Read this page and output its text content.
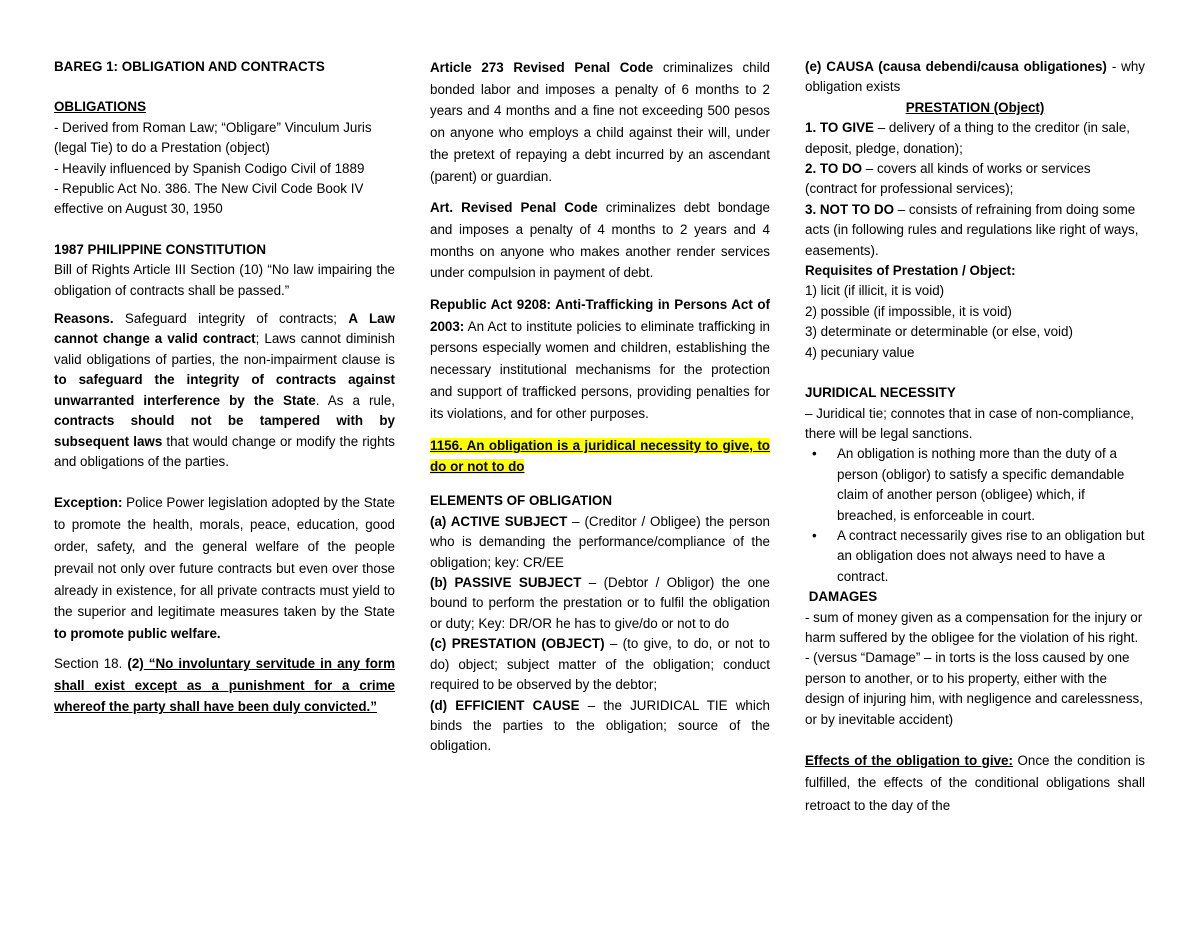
BAREG 1: OBLIGATION AND CONTRACTS

OBLIGATIONS

- Derived from Roman Law; “Obligare” Vinculum Juris (legal Tie) to do a Prestation (object)
- Heavily influenced by Spanish Codigo Civil of 1889
- Republic Act No. 386. The New Civil Code Book IV effective on August 30, 1950

1987 PHILIPPINE CONSTITUTION

Bill of Rights Article III Section (10) “No law impairing the obligation of contracts shall be passed.”

Reasons. Safeguard integrity of contracts; A Law cannot change a valid contract; Laws cannot diminish valid obligations of parties, the non-impairment clause is to safeguard the integrity of contracts against unwarranted interference by the State. As a rule, contracts should not be tampered with by subsequent laws that would change or modify the rights and obligations of the parties.

Exception: Police Power legislation adopted by the State to promote the health, morals, peace, education, good order, safety, and the general welfare of the people prevail not only over future contracts but even over those already in existence, for all private contracts must yield to the superior and legitimate measures taken by the State to promote public welfare.

Section 18. (2) “No involuntary servitude in any form shall exist except as a punishment for a crime whereof the party shall have been duly convicted.”

Article 273 Revised Penal Code criminalizes child bonded labor and imposes a penalty of 6 months to 2 years and 4 months and a fine not exceeding 500 pesos on anyone who employs a child against their will, under the pretext of repaying a debt incurred by an ascendant (parent) or guardian.

Art. Revised Penal Code criminalizes debt bondage and imposes a penalty of 4 months to 2 years and 4 months on anyone who makes another render services under compulsion in payment of debt.

Republic Act 9208: Anti-Trafficking in Persons Act of 2003: An Act to institute policies to eliminate trafficking in persons especially women and children, establishing the necessary institutional mechanisms for the protection and support of trafficked persons, providing penalties for its violations, and for other purposes.

1156. An obligation is a juridical necessity to give, to do or not to do

ELEMENTS OF OBLIGATION

(a) ACTIVE SUBJECT – (Creditor / Obligee) the person who is demanding the performance/compliance of the obligation; key: CR/EE

(b) PASSIVE SUBJECT – (Debtor / Obligor) the one bound to perform the prestation or to fulfil the obligation or duty; Key: DR/OR he has to give/do or not to do

(c) PRESTATION (OBJECT) – (to give, to do, or not to do) object; subject matter of the obligation; conduct required to be observed by the debtor;

(d) EFFICIENT CAUSE – the JURIDICAL TIE which binds the parties to the obligation; source of the obligation.

(e) CAUSA (causa debendi/causa obligationes) - why obligation exists

PRESTATION (Object)

1. TO GIVE – delivery of a thing to the creditor (in sale, deposit, pledge, donation);

2. TO DO – covers all kinds of works or services (contract for professional services);

3. NOT TO DO – consists of refraining from doing some acts (in following rules and regulations like right of ways, easements).

Requisites of Prestation / Object:

1) licit (if illicit, it is void)

2) possible (if impossible, it is void)

3) determinate or determinable (or else, void)

4) pecuniary value

JURIDICAL NECESSITY

– Juridical tie; connotes that in case of non-compliance, there will be legal sanctions.

• An obligation is nothing more than the duty of a person (obligor) to satisfy a specific demandable claim of another person (obligee) which, if breached, is enforceable in court.
• A contract necessarily gives rise to an obligation but an obligation does not always need to have a contract.

DAMAGES

- sum of money given as a compensation for the injury or harm suffered by the obligee for the violation of his right.

- (versus “Damage” – in torts is the loss caused by one person to another, or to his property, either with the design of injuring him, with negligence and carelessness, or by inevitable accident)

Effects of the obligation to give: Once the condition is fulfilled, the effects of the conditional obligations shall retroact to the day of the
